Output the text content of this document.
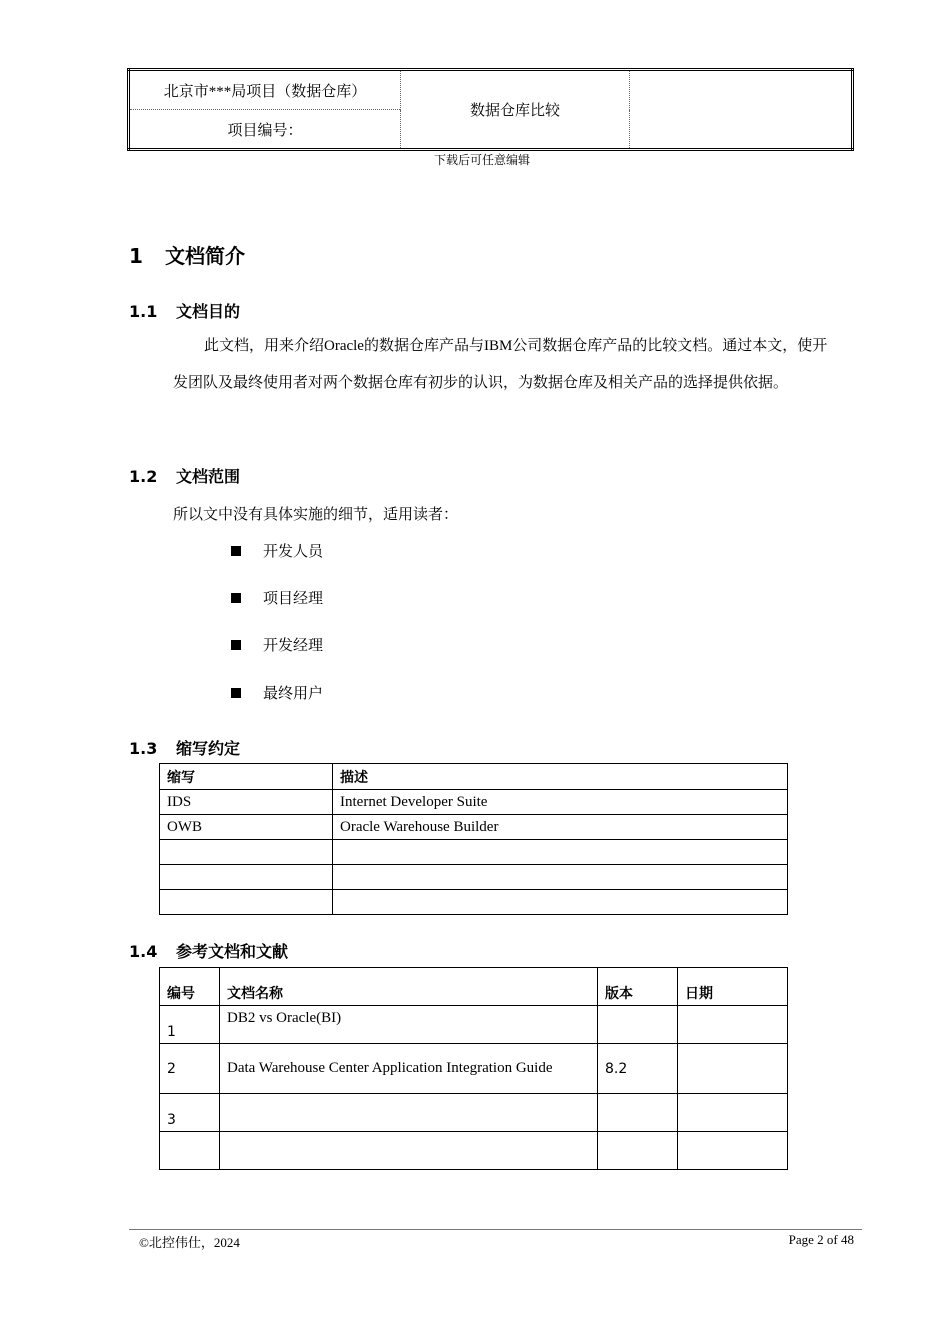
北京市***局项目（数据仓库）	数据仓库比较	
项目编号：
下载后可任意编辑
1 文档简介
1.1 文档目的
此文档，用来介绍Oracle的数据仓库产品与IBM公司数据仓库产品的比较文档。通过本文，使开发团队及最终使用者对两个数据仓库有初步的认识，为数据仓库及相关产品的选择提供依据。
1.2 文档范围
所以文中没有具体实施的细节，适用读者：
开发人员
项目经理
开发经理
最终用户
1.3 缩写约定
缩写	描述
IDS	Internet Developer Suite
OWB	Oracle Warehouse Builder

1.4 参考文档和文献
编号	文档名称	版本	日期
1	DB2 vs Oracle(BI)		
2	Data Warehouse Center Application Integration Guide	8.2	
3			

©北控伟仕，2024	Page 2 of 48
